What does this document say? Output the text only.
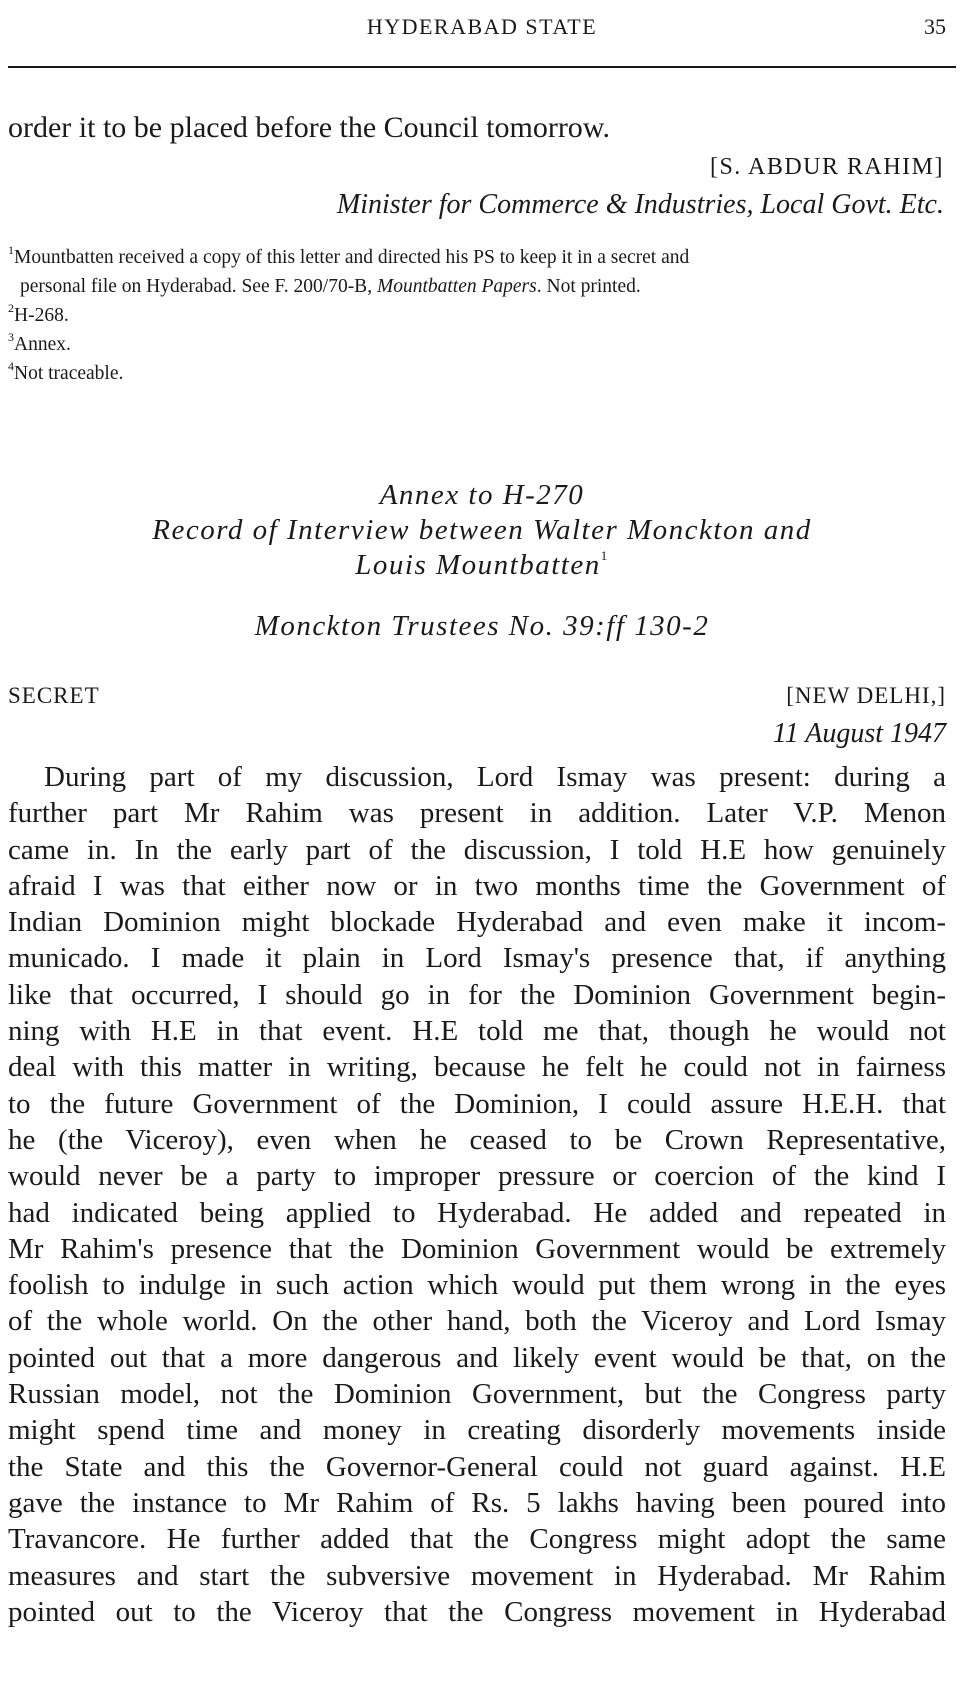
HYDERABAD STATE	35
order it to be placed before the Council tomorrow.
[S. ABDUR RAHIM]
Minister for Commerce & Industries, Local Govt. Etc.
$^1$Mountbatten received a copy of this letter and directed his PS to keep it in a secret and
personal file on Hyderabad. See F. 200/70-B, Mountbatten Papers. Not printed.
$^2$H-268.
$^3$Annex.
$^4$Not traceable.
Annex to H-270
Record of Interview between Walter Monckton and
Louis Mountbatten$^1$
Monckton Trustees No. 39:ff 130-2
SECRET	[NEW DELHI,]
11 August 1947
During part of my discussion, Lord Ismay was present: during a
further part Mr Rahim was present in addition. Later V.P. Menon
came in. In the early part of the discussion, I told H.E how genuinely
afraid I was that either now or in two months time the Government of
Indian Dominion might blockade Hyderabad and even make it incom-
municado. I made it plain in Lord Ismay's presence that, if anything
like that occurred, I should go in for the Dominion Government begin-
ning with H.E in that event. H.E told me that, though he would not
deal with this matter in writing, because he felt he could not in fairness
to the future Government of the Dominion, I could assure H.E.H. that
he (the Viceroy), even when he ceased to be Crown Representative,
would never be a party to improper pressure or coercion of the kind I
had indicated being applied to Hyderabad. He added and repeated in
Mr Rahim's presence that the Dominion Government would be extremely
foolish to indulge in such action which would put them wrong in the eyes
of the whole world. On the other hand, both the Viceroy and Lord Ismay
pointed out that a more dangerous and likely event would be that, on the
Russian model, not the Dominion Government, but the Congress party
might spend time and money in creating disorderly movements inside
the State and this the Governor-General could not guard against. H.E
gave the instance to Mr Rahim of Rs. 5 lakhs having been poured into
Travancore. He further added that the Congress might adopt the same
measures and start the subversive movement in Hyderabad. Mr Rahim
pointed out to the Viceroy that the Congress movement in Hyderabad
